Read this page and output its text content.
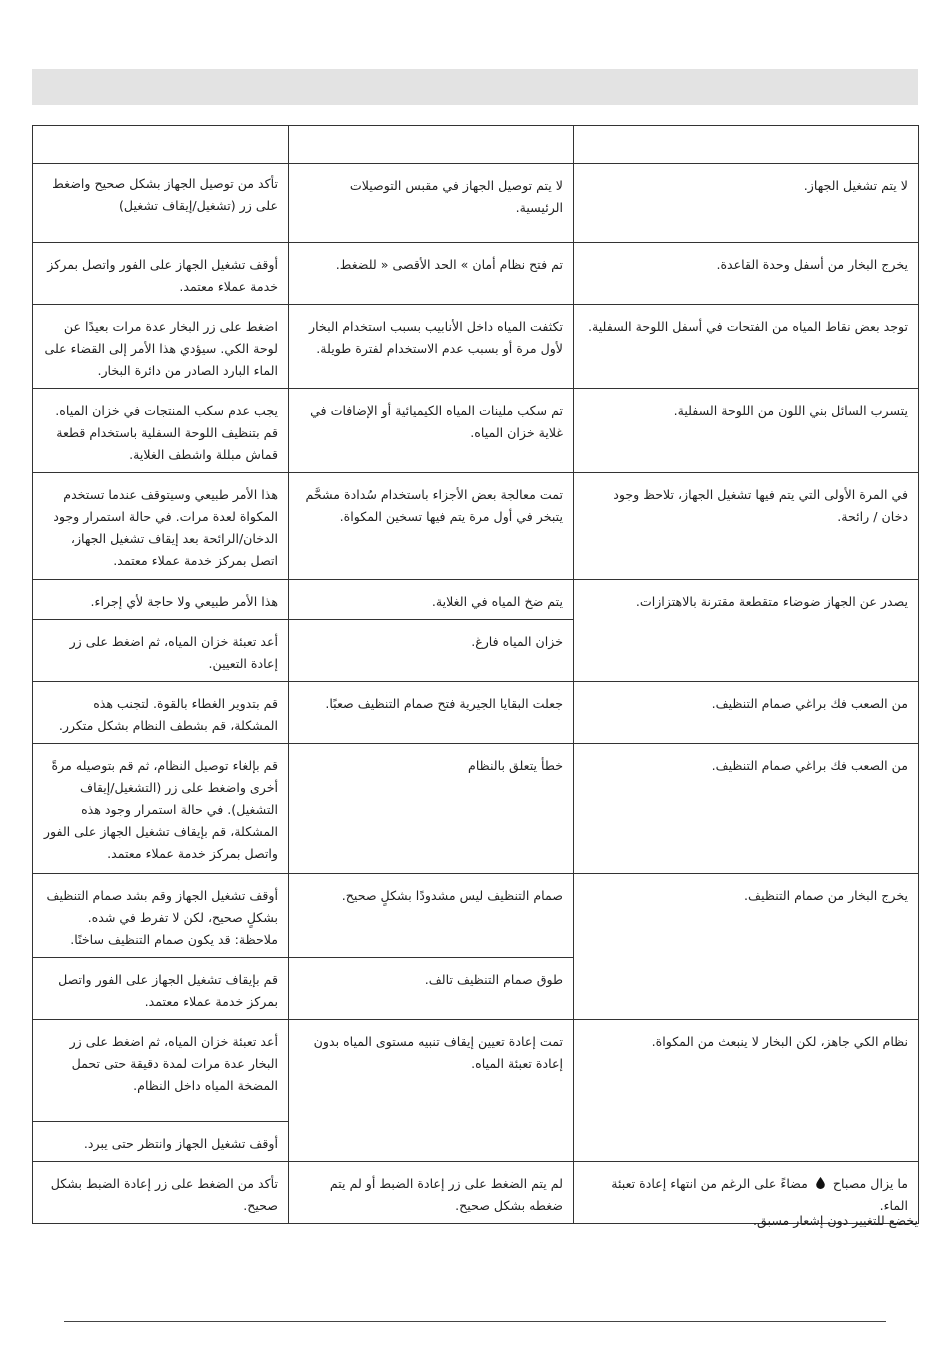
لا يتم تشغيل الجهاز.	لا يتم توصيل الجهاز في مقبس التوصيلات الرئيسية.	تأكد من توصيل الجهاز بشكل صحيح واضغط على زر (تشغيل/إيقاف تشغيل)
يخرج البخار من أسفل وحدة القاعدة.	تم فتح نظام أمان » الحد الأقصى « للضغط.	أوقف تشغيل الجهاز على الفور واتصل بمركز خدمة عملاء معتمد.
توجد بعض نقاط المياه من الفتحات في أسفل اللوحة السفلية.	تكثفت المياه داخل الأنابيب بسبب استخدام البخار لأول مرة أو بسبب عدم الاستخدام لفترة طويلة.	اضغط على زر البخار عدة مرات بعيدًا عن لوحة الكي. سيؤدي هذا الأمر إلى القضاء على الماء البارد الصادر من دائرة البخار.
يتسرب السائل بني اللون من اللوحة السفلية.	تم سكب ملينات المياه الكيميائية أو الإضافات في غلاية خزان المياه.	يجب عدم سكب المنتجات في خزان المياه. قم بتنظيف اللوحة السفلية باستخدام قطعة قماش مبللة واشطف الغلاية.
في المرة الأولى التي يتم فيها تشغيل الجهاز، تلاحظ وجود دخان / رائحة.	تمت معالجة بعض الأجزاء باستخدام سُدادة مشحَّم يتبخر في أول مرة يتم فيها تسخين المكواة.	هذا الأمر طبيعي وسيتوقف عندما تستخدم المكواة لعدة مرات. في حالة استمرار وجود الدخان/الرائحة بعد إيقاف تشغيل الجهاز، اتصل بمركز خدمة عملاء معتمد.
يصدر عن الجهاز ضوضاء متقطعة مقترنة بالاهتزازات.	يتم ضخ المياه في الغلاية.	هذا الأمر طبيعي ولا حاجة لأي إجراء.
	خزان المياه فارغ.	أعد تعبئة خزان المياه، ثم اضغط على زر إعادة التعيين.
من الصعب فك براغي صمام التنظيف.	جعلت البقايا الجيرية فتح صمام التنظيف صعبًا.	قم بتدوير الغطاء بالقوة. لتجنب هذه المشكلة، قم بشطف النظام بشكل متكرر.
من الصعب فك براغي صمام التنظيف.	خطأ يتعلق بالنظام	قم بإلغاء توصيل النظام، ثم قم بتوصيله مرةً أخرى واضغط على زر (التشغيل/إيقاف التشغيل). في حالة استمرار وجود هذه المشكلة، قم بإيقاف تشغيل الجهاز على الفور واتصل بمركز خدمة عملاء معتمد.
يخرج البخار من صمام التنظيف.	صمام التنظيف ليس مشدودًا بشكلٍ صحيح.	أوقف تشغيل الجهاز وقم بشد صمام التنظيف بشكلٍ صحيح، لكن لا تفرط في شده. ملاحظة: قد يكون صمام التنظيف ساخنًا.
	طوق صمام التنظيف تالف.	قم بإيقاف تشغيل الجهاز على الفور واتصل بمركز خدمة عملاء معتمد.
نظام الكي جاهز، لكن البخار لا ينبعث من المكواة.	تمت إعادة تعيين إيقاف تنبيه مستوى المياه بدون إعادة تعبئة المياه.	أعد تعبئة خزان المياه، ثم اضغط على زر البخار عدة مرات لمدة دقيقة حتى تحمل المضخة المياه داخل النظام.
		أوقف تشغيل الجهاز وانتظر حتى يبرد.
ما يزال مصباح  مضاءً على الرغم من انتهاء إعادة تعبئة الماء.	لم يتم الضغط على زر إعادة الضبط أو لم يتم ضغطه بشكل صحيح.	تأكد من الضغط على زر إعادة الضبط بشكل صحيح.
يخضع للتغيير دون إشعار مسبق.
